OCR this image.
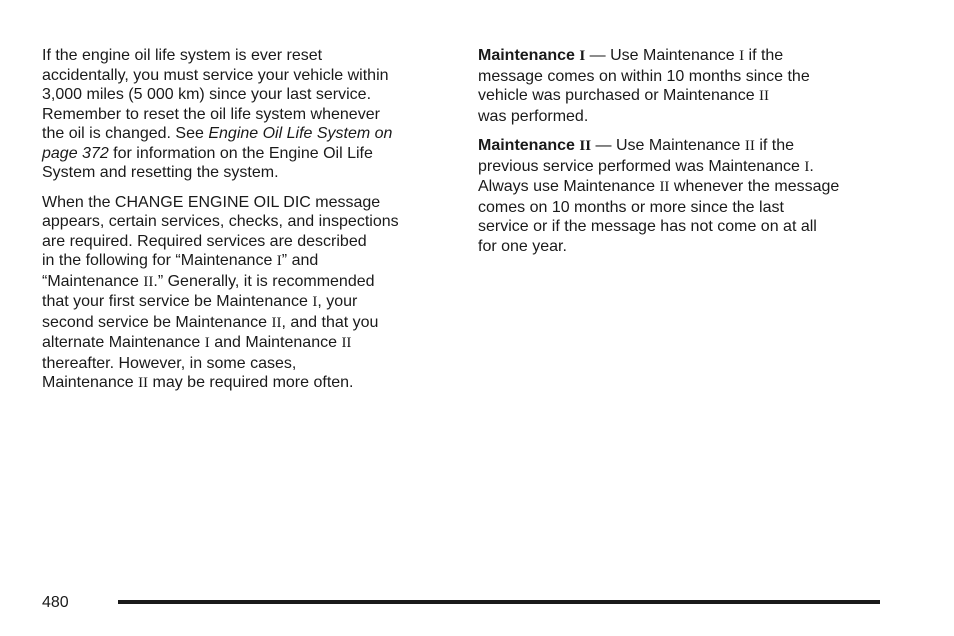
If the engine oil life system is ever reset
accidentally, you must service your vehicle within
3,000 miles (5 000 km) since your last service.
Remember to reset the oil life system whenever
the oil is changed. See Engine Oil Life System on
page 372 for information on the Engine Oil Life
System and resetting the system.

When the CHANGE ENGINE OIL DIC message
appears, certain services, checks, and inspections
are required. Required services are described
in the following for “Maintenance I” and
“Maintenance II.” Generally, it is recommended
that your first service be Maintenance I, your
second service be Maintenance II, and that you
alternate Maintenance I and Maintenance II
thereafter. However, in some cases,
Maintenance II may be required more often.

Maintenance I — Use Maintenance I if the
message comes on within 10 months since the
vehicle was purchased or Maintenance II
was performed.

Maintenance II — Use Maintenance II if the
previous service performed was Maintenance I.
Always use Maintenance II whenever the message
comes on 10 months or more since the last
service or if the message has not come on at all
for one year.

480
